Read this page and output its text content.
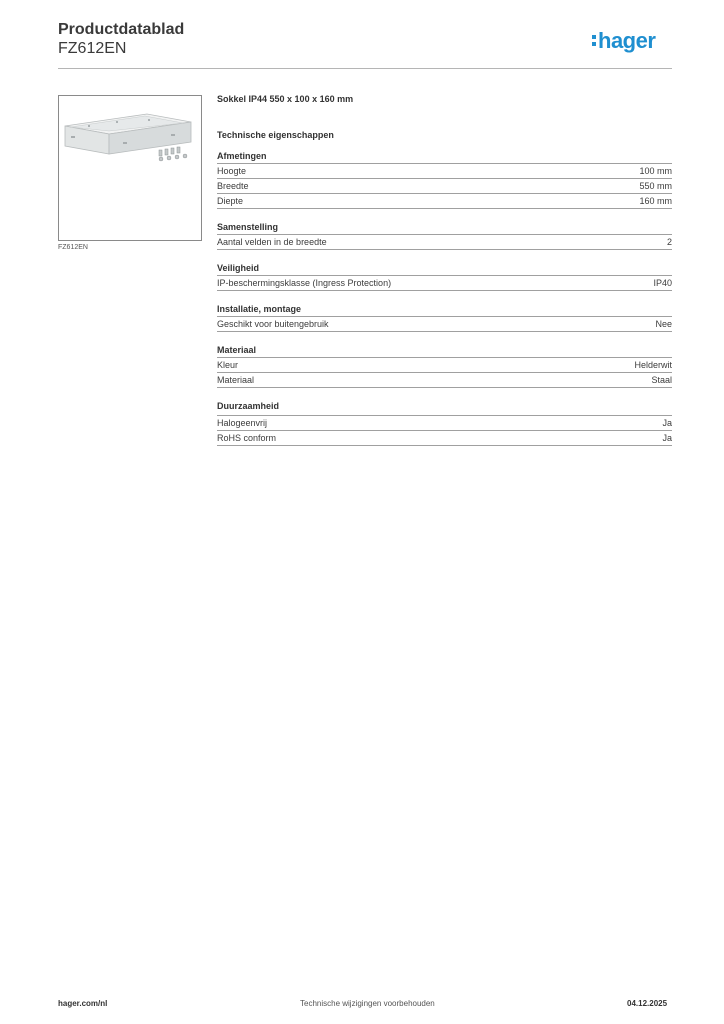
Productdatablad
FZ612EN	hager
FZ612EN
Sokkel IP44 550 x 100 x 160 mm
Technische eigenschappen
Afmetingen
Hoogte	100 mm
Breedte	550 mm
Diepte	160 mm
Samenstelling
Aantal velden in de breedte	2
Veiligheid
IP-beschermingsklasse (Ingress Protection)	IP40
Installatie, montage
Geschikt voor buitengebruik	Nee
Materiaal
Kleur	Helderwit
Materiaal	Staal
Duurzaamheid
Halogeenvrij	Ja
RoHS conform	Ja
hager.com/nl	Technische wijzigingen voorbehouden	04.12.2025
